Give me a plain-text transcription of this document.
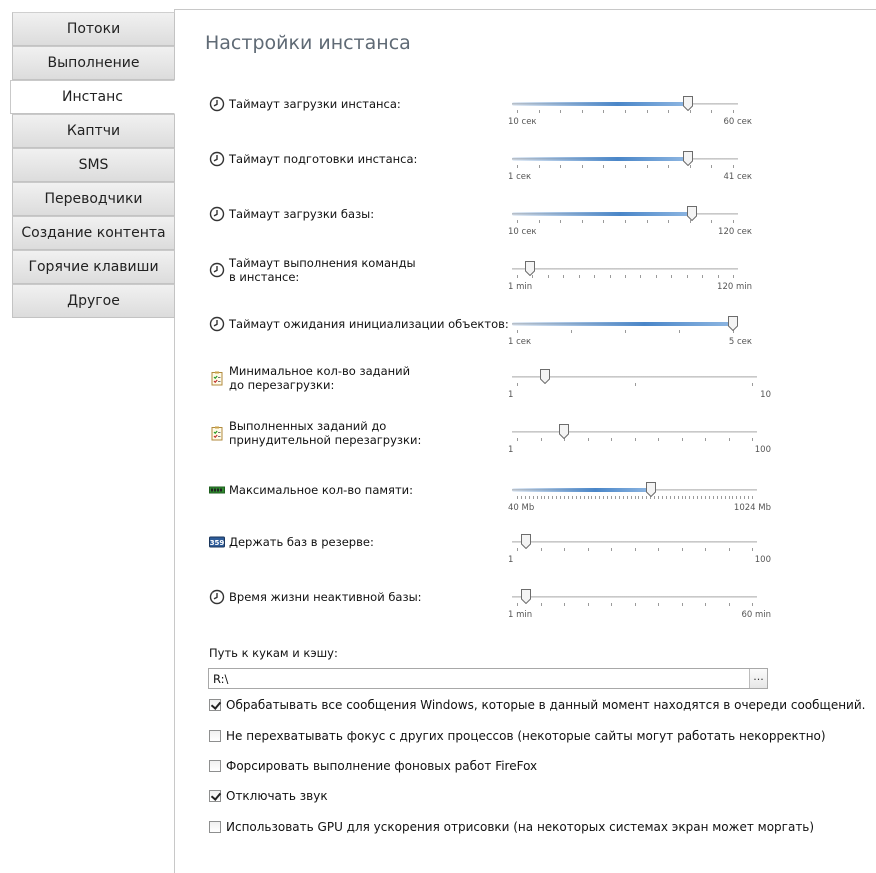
Потоки
Выполнение
Инстанс
Каптчи
SMS
Переводчики
Создание контента
Горячие клавиши
Другое
Настройки инстанса
Таймаут загрузки инстанса:
10 сек	60 сек
Таймаут подготовки инстанса:
1 сек	41 сек
Таймаут загрузки базы:
10 сек	120 сек
Таймаут выполнения команды
в инстансе:
1 min	120 min
Таймаут ожидания инициализации объектов:
1 сек	5 сек
Минимальное кол-во заданий
до перезагрузки:
1	10
Выполненных заданий до
принудительной перезагрузки:
1	100
Максимальное кол-во памяти:
40 Mb	1024 Mb
359 Держать баз в резерве:
1	100
Время жизни неактивной базы:
1 min	60 min
Путь к кукам и кэшу:
R:\	...
Обрабатывать все сообщения Windows, которые в данный момент находятся в очереди сообщений.
Не перехватывать фокус с других процессов (некоторые сайты могут работать некорректно)
Форсировать выполнение фоновых работ FireFox
Отключать звук
Использовать GPU для ускорения отрисовки (на некоторых системах экран может моргать)
